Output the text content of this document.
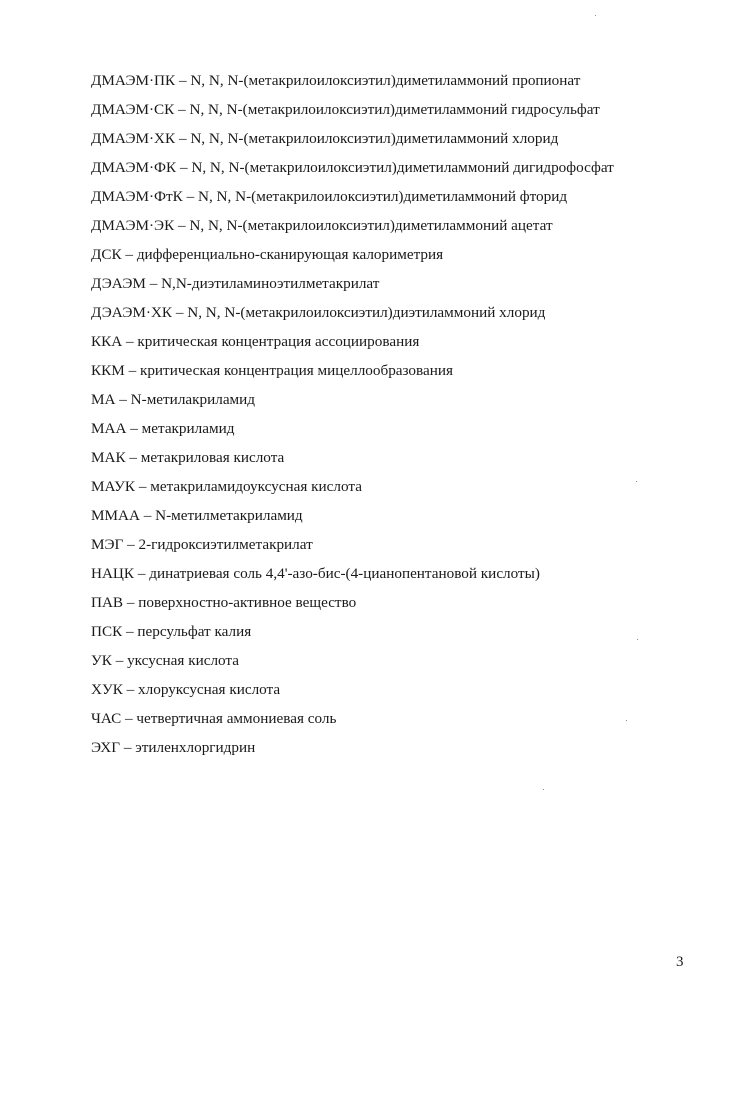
ДМАЭМ·ПК – N, N, N-(метакрилоилоксиэтил)диметиламмоний пропионат
ДМАЭМ·СК – N, N, N-(метакрилоилоксиэтил)диметиламмоний гидросульфат
ДМАЭМ·ХК – N, N, N-(метакрилоилоксиэтил)диметиламмоний хлорид
ДМАЭМ·ФК – N, N, N-(метакрилоилоксиэтил)диметиламмоний дигидрофосфат
ДМАЭМ·ФтК – N, N, N-(метакрилоилоксиэтил)диметиламмоний фторид
ДМАЭМ·ЭК – N, N, N-(метакрилоилоксиэтил)диметиламмоний ацетат
ДСК – дифференциально-сканирующая калориметрия
ДЭАЭМ – N,N-диэтиламиноэтилметакрилат
ДЭАЭМ·ХК – N, N, N-(метакрилоилоксиэтил)диэтиламмоний хлорид
ККА – критическая концентрация ассоциирования
ККМ – критическая концентрация мицеллообразования
МА – N-метилакриламид
МАА – метакриламид
МАК – метакриловая кислота
МАУК – метакриламидоуксусная кислота
ММАА – N-метилметакриламид
МЭГ – 2-гидроксиэтилметакрилат
НАЦК – динатриевая соль 4,4'-азо-бис-(4-цианопентановой кислоты)
ПАВ – поверхностно-активное вещество
ПСК – персульфат калия
УК – уксусная кислота
ХУК – хлоруксусная кислота
ЧАС – четвертичная аммониевая соль
ЭХГ – этиленхлоргидрин
3
